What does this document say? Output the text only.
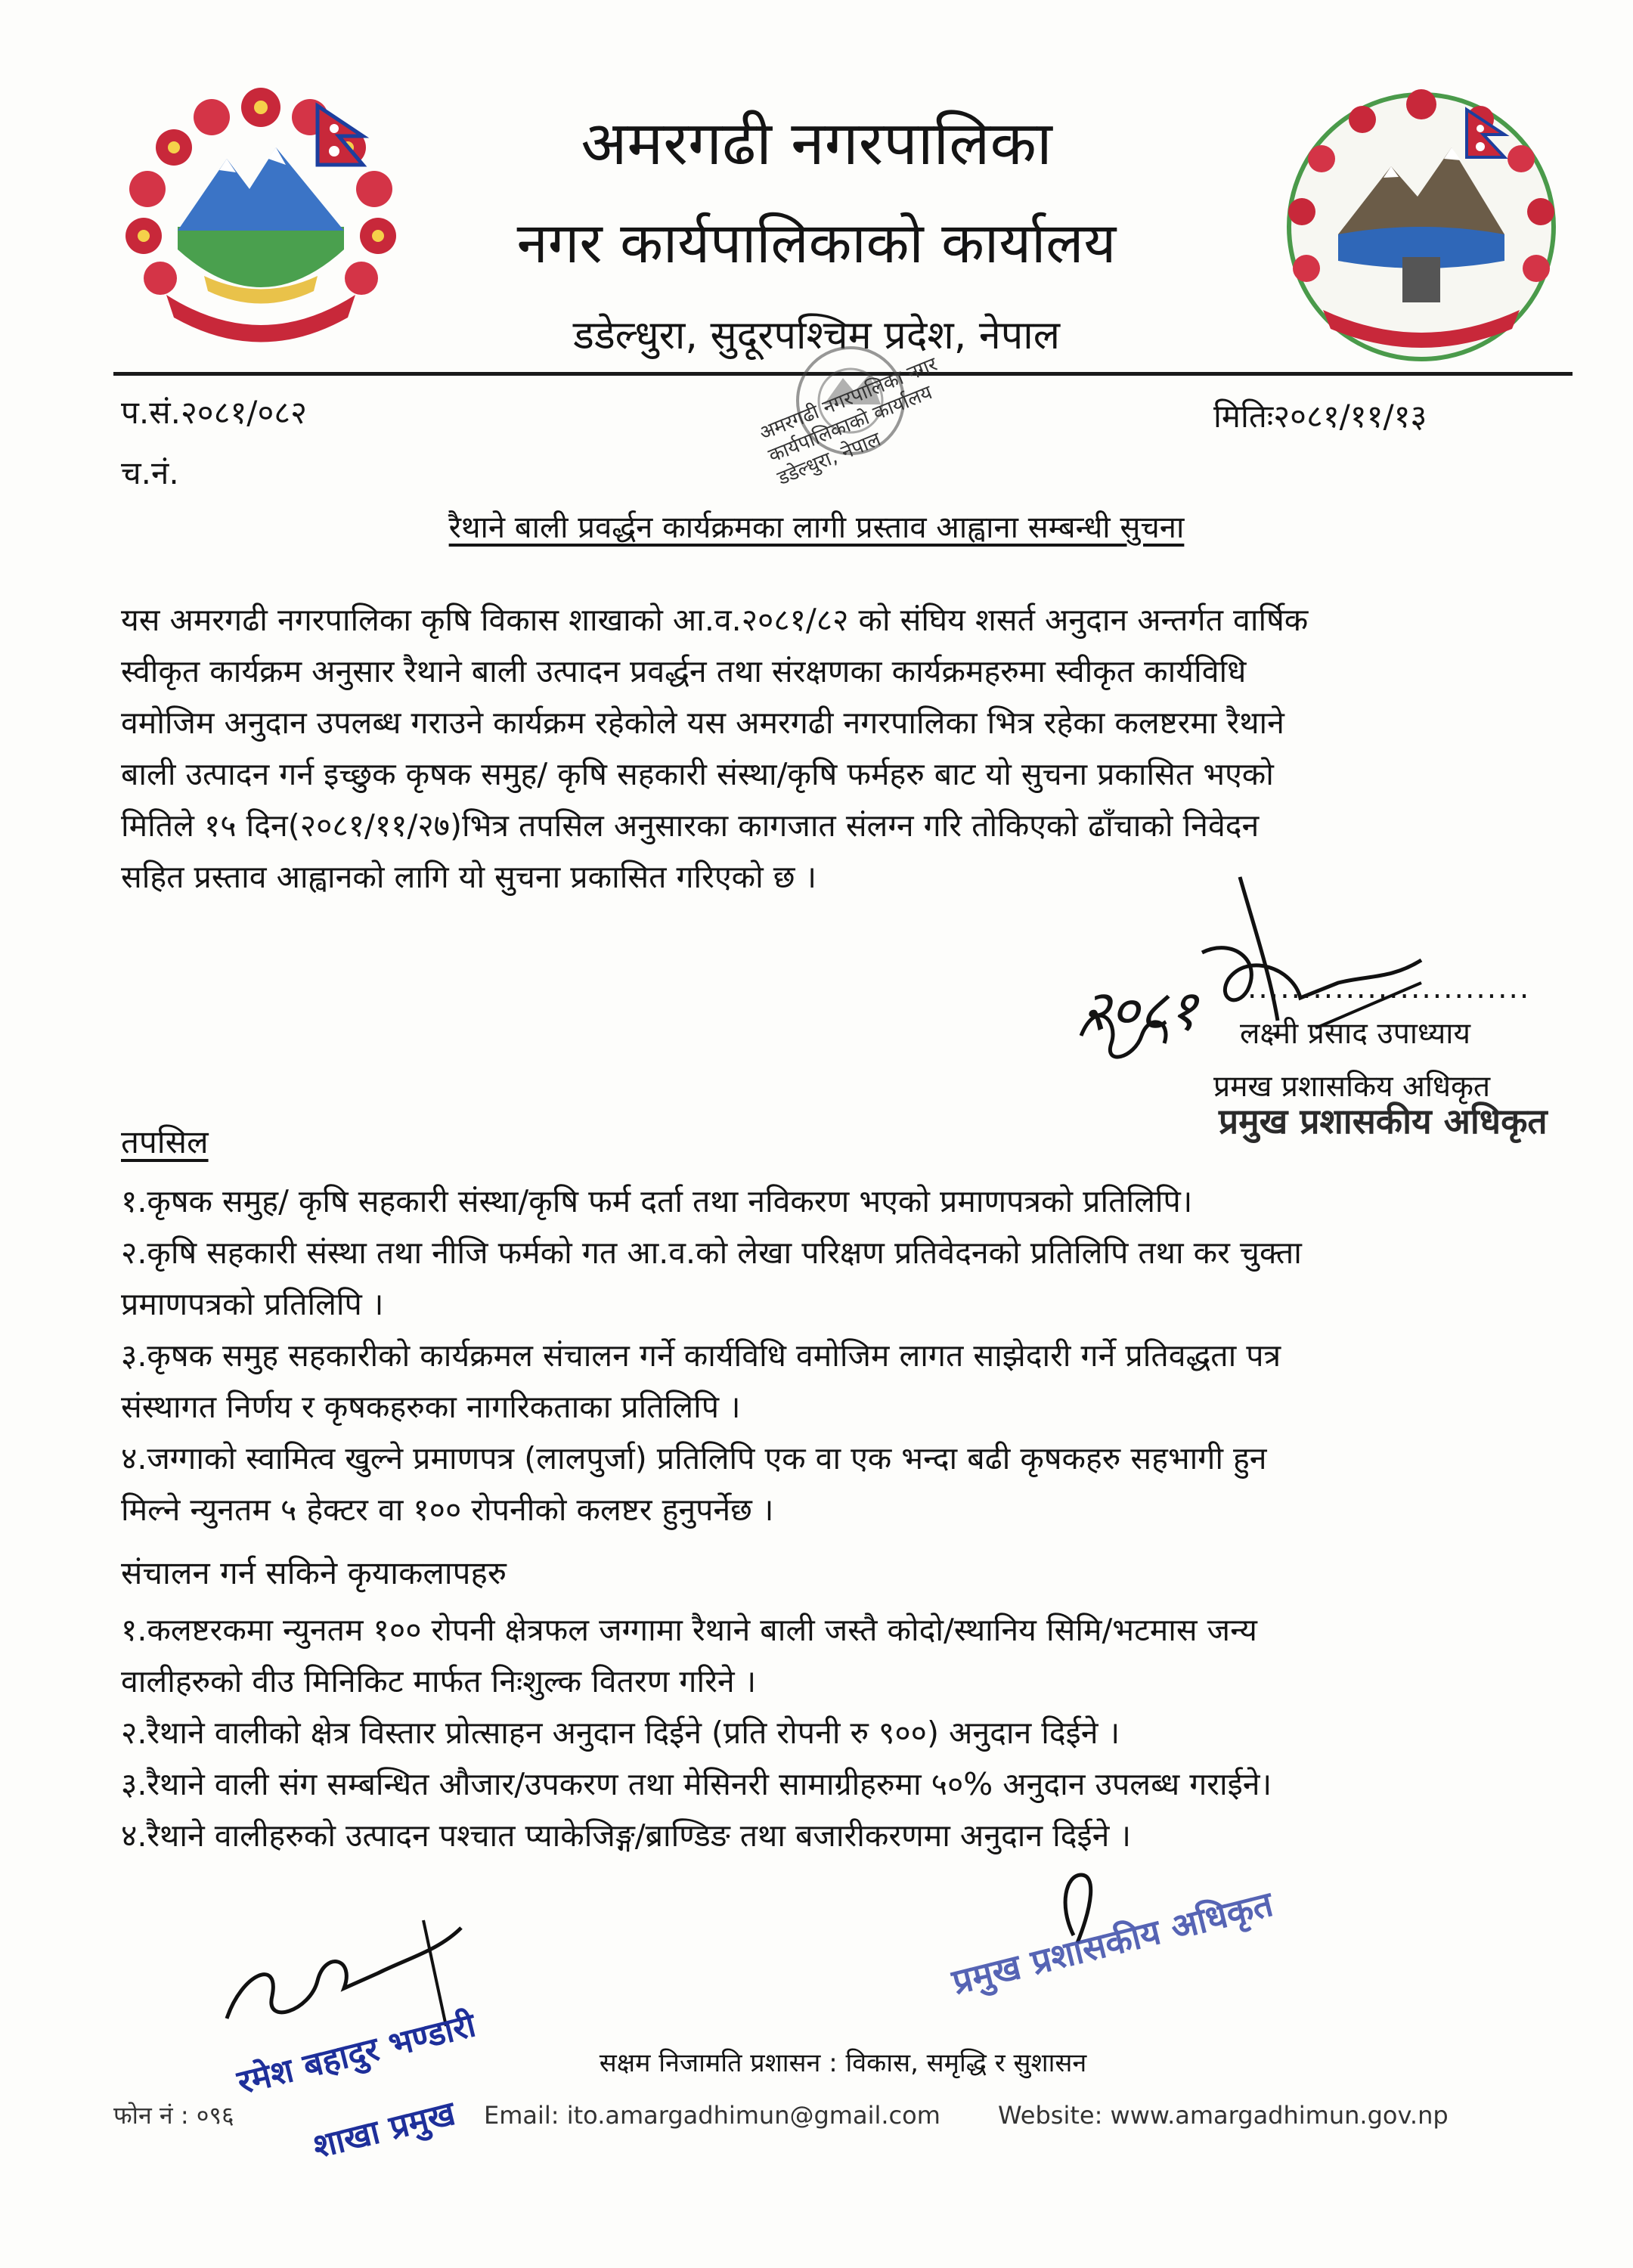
अमरगढी नगरपालिका
नगर कार्यपालिकाको कार्यालय
डडेल्धुरा, सुदूरपश्चिम प्रदेश, नेपाल
अमरगढी नगरपालिका नगर कार्यपालिकाको कार्यालय डडेल्धुरा, नेपाल
प.सं.२०८१/०८२
च.नं.
मितिः२०८१/११/१३
रैथाने बाली प्रवर्द्धन कार्यक्रमका लागी प्रस्ताव आह्वाना सम्बन्धी सुचना
यस अमरगढी नगरपालिका कृषि विकास शाखाको आ.व.२०८१/८२ को संघिय शसर्त अनुदान अन्तर्गत वार्षिक
स्वीकृत कार्यक्रम अनुसार रैथाने बाली उत्पादन प्रवर्द्धन तथा संरक्षणका कार्यक्रमहरुमा स्वीकृत कार्यविधि
वमोजिम अनुदान उपलब्ध गराउने कार्यक्रम रहेकोले यस अमरगढी नगरपालिका भित्र रहेका कलष्टरमा रैथाने
बाली उत्पादन गर्न इच्छुक कृषक समुह/ कृषि सहकारी संस्था/कृषि फर्महरु बाट यो सुचना प्रकासित भएको
मितिले १५ दिन(२०८१/११/२७)भित्र तपसिल अनुसारका कागजात संलग्न गरि तोकिएको ढाँचाको निवेदन
सहित प्रस्ताव आह्वानको लागि यो सुचना प्रकासित गरिएको छ ।
२०८१ ..........................
लक्ष्मी प्रसाद उपाध्याय
प्रमख प्रशासकिय अधिकृत
प्रमुख प्रशासकीय अधिकृत
तपसिल
१.कृषक समुह/ कृषि सहकारी संस्था/कृषि फर्म दर्ता तथा नविकरण भएको प्रमाणपत्रको प्रतिलिपि।
२.कृषि सहकारी संस्था तथा नीजि फर्मको गत आ.व.को लेखा परिक्षण प्रतिवेदनको प्रतिलिपि तथा कर चुक्ता
प्रमाणपत्रको प्रतिलिपि ।
३.कृषक समुह सहकारीको कार्यक्रमल संचालन गर्ने कार्यविधि वमोजिम लागत साझेदारी गर्ने प्रतिवद्धता पत्र
संस्थागत निर्णय र कृषकहरुका नागरिकताका प्रतिलिपि ।
४.जग्गाको स्वामित्व खुल्ने प्रमाणपत्र (लालपुर्जा) प्रतिलिपि एक वा एक भन्दा बढी कृषकहरु सहभागी हुन
मिल्ने न्युनतम ५ हेक्टर वा १०० रोपनीको कलष्टर हुनुपर्नेछ ।
संचालन गर्न सकिने कृयाकलापहरु
१.कलष्टरकमा न्युनतम १०० रोपनी क्षेत्रफल जग्गामा रैथाने बाली जस्तै कोदो/स्थानिय सिमि/भटमास जन्य
वालीहरुको वीउ मिनिकिट मार्फत निःशुल्क वितरण गरिने ।
२.रैथाने वालीको क्षेत्र विस्तार प्रोत्साहन अनुदान दिईने (प्रति रोपनी रु ९००) अनुदान दिईने ।
३.रैथाने वाली संग सम्बन्धित औजार/उपकरण तथा मेसिनरी सामाग्रीहरुमा ५०% अनुदान उपलब्ध गराईने।
४.रैथाने वालीहरुको उत्पादन पश्चात प्याकेजिङ्ग/ब्राण्डिङ तथा बजारीकरणमा अनुदान दिईने ।
रमेश बहादुर भण्डारी
शाखा प्रमुख
प्रमुख प्रशासकीय अधिकृत
सक्षम निजामति प्रशासन : विकास, समृद्धि र सुशासन
फोन नं : ०९६	Email: ito.amargadhimun@gmail.com Website: www.amargadhimun.gov.np
